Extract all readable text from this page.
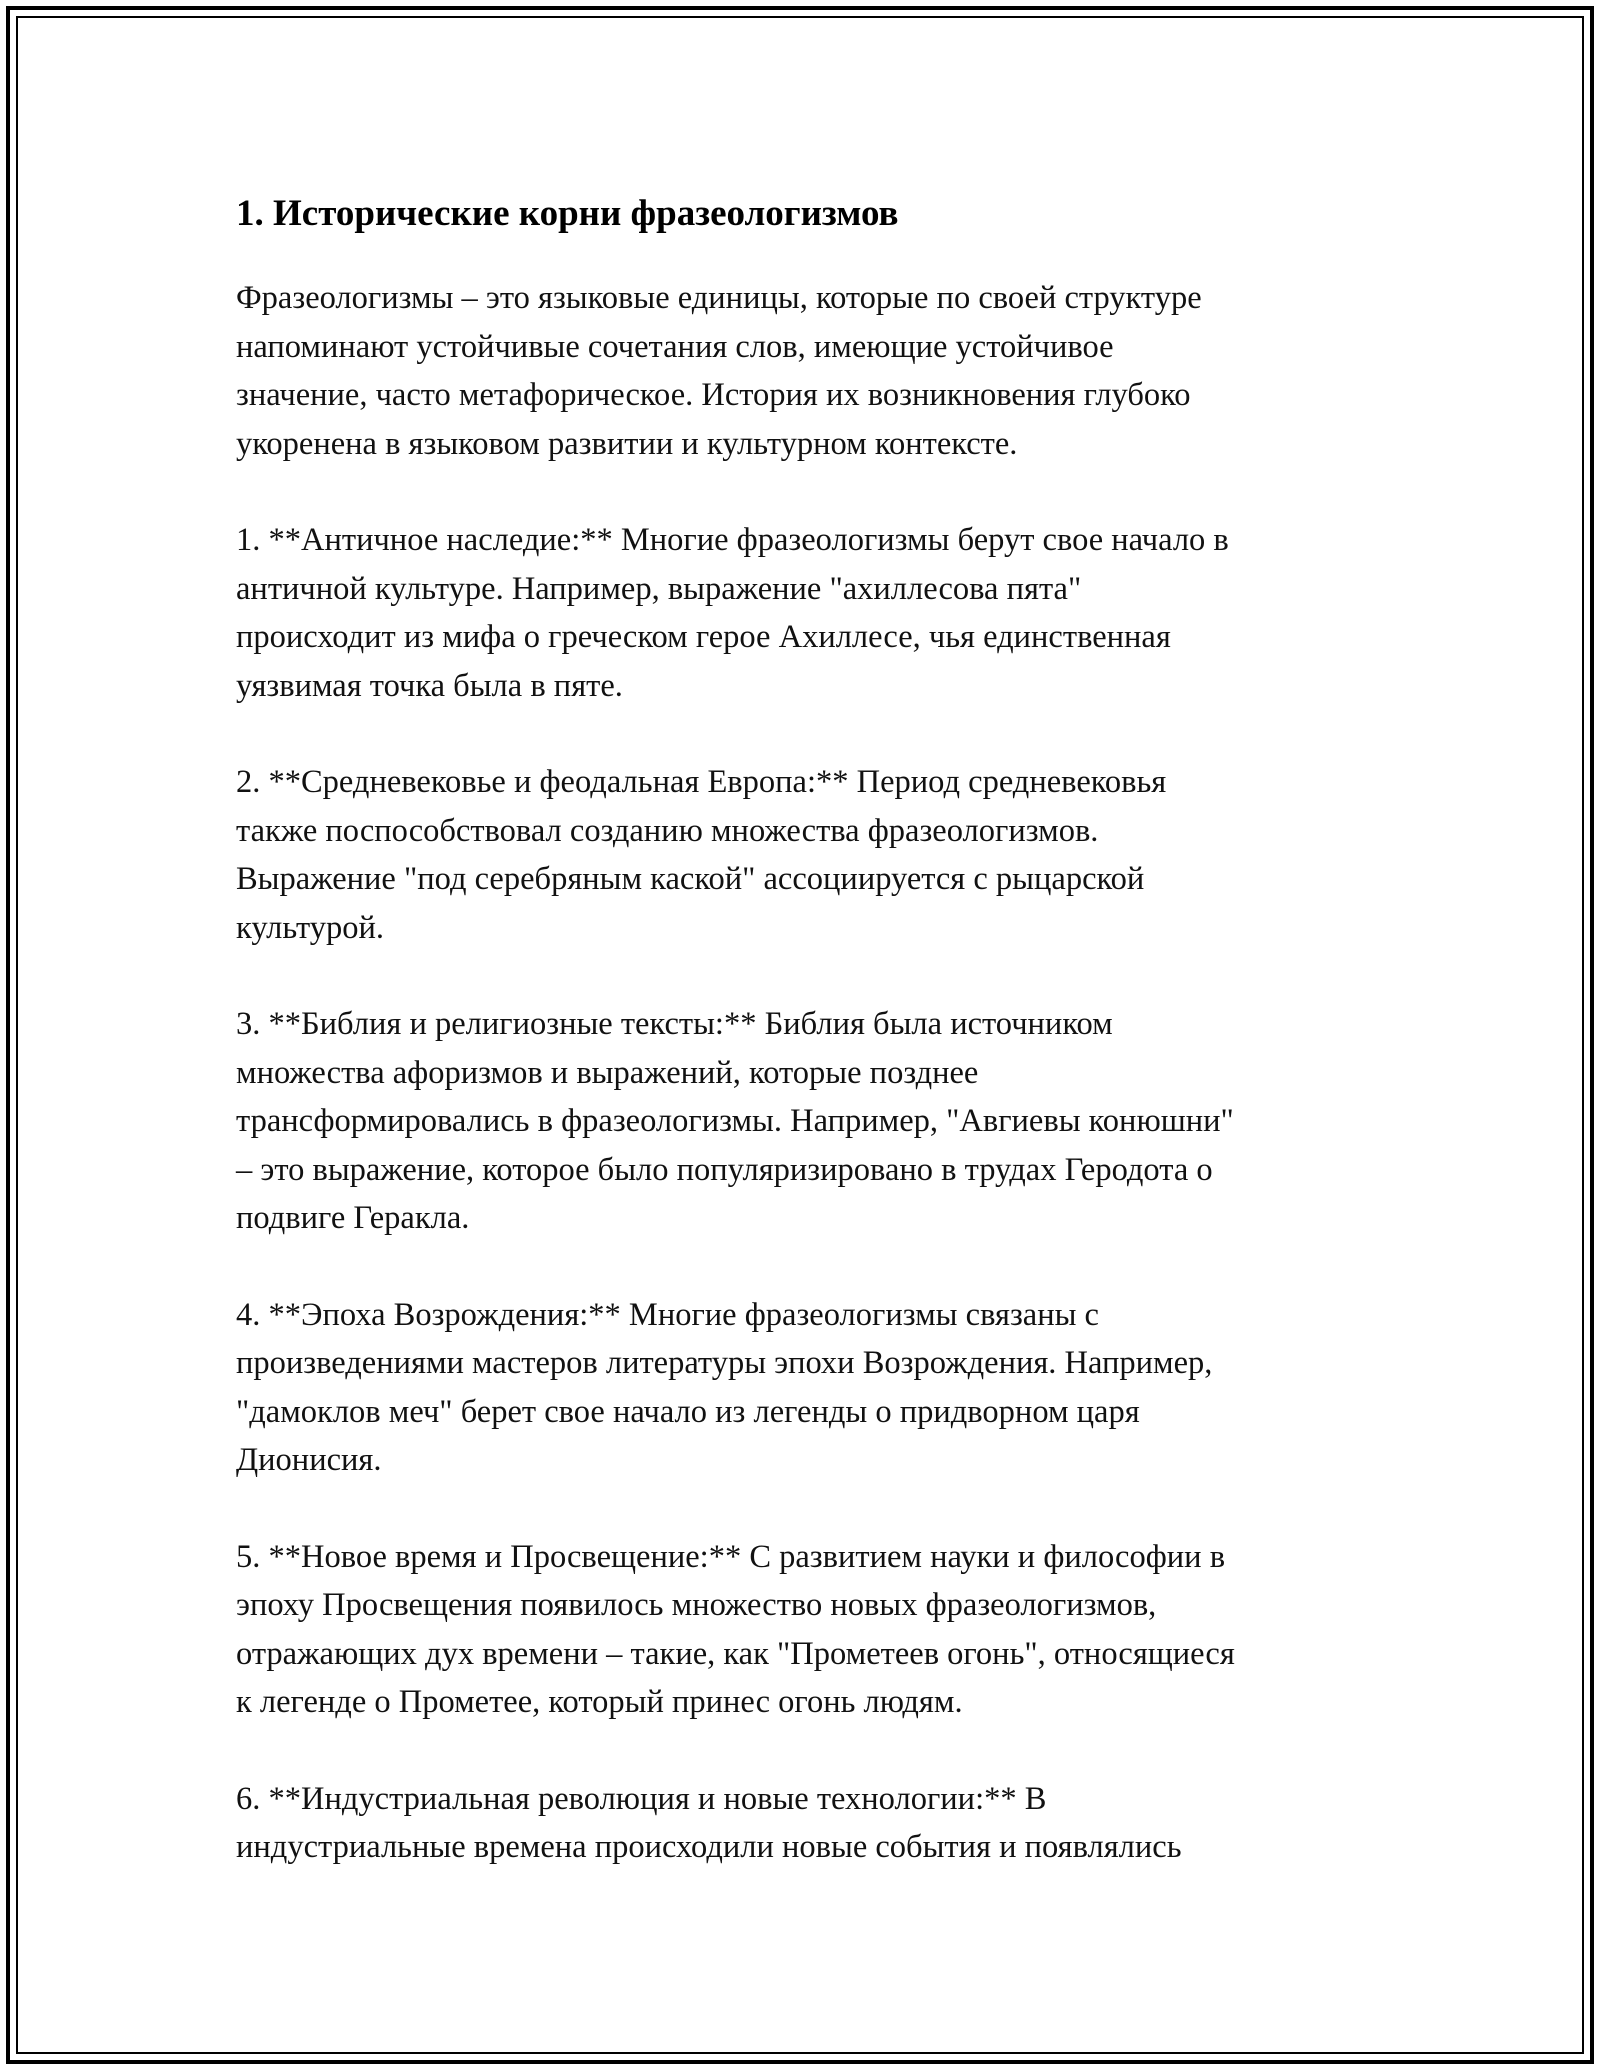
1. Исторические корни фразеологизмов

Фразеологизмы – это языковые единицы, которые по своей структуре
напоминают устойчивые сочетания слов, имеющие устойчивое
значение, часто метафорическое. История их возникновения глубоко
укоренена в языковом развитии и культурном контексте.

1. **Античное наследие:** Многие фразеологизмы берут свое начало в
античной культуре. Например, выражение "ахиллесова пята"
происходит из мифа о греческом герое Ахиллесе, чья единственная
уязвимая точка была в пяте.

2. **Средневековье и феодальная Европа:** Период средневековья
также поспособствовал созданию множества фразеологизмов.
Выражение "под серебряным каской" ассоциируется с рыцарской
культурой.

3. **Библия и религиозные тексты:** Библия была источником
множества афоризмов и выражений, которые позднее
трансформировались в фразеологизмы. Например, "Авгиевы конюшни"
– это выражение, которое было популяризировано в трудах Геродота о
подвиге Геракла.

4. **Эпоха Возрождения:** Многие фразеологизмы связаны с
произведениями мастеров литературы эпохи Возрождения. Например,
"дамоклов меч" берет свое начало из легенды о придворном царя
Дионисия.

5. **Новое время и Просвещение:** С развитием науки и философии в
эпоху Просвещения появилось множество новых фразеологизмов,
отражающих дух времени – такие, как "Прометеев огонь", относящиеся
к легенде о Прометее, который принес огонь людям.

6. **Индустриальная революция и новые технологии:** В
индустриальные времена происходили новые события и появлялись
